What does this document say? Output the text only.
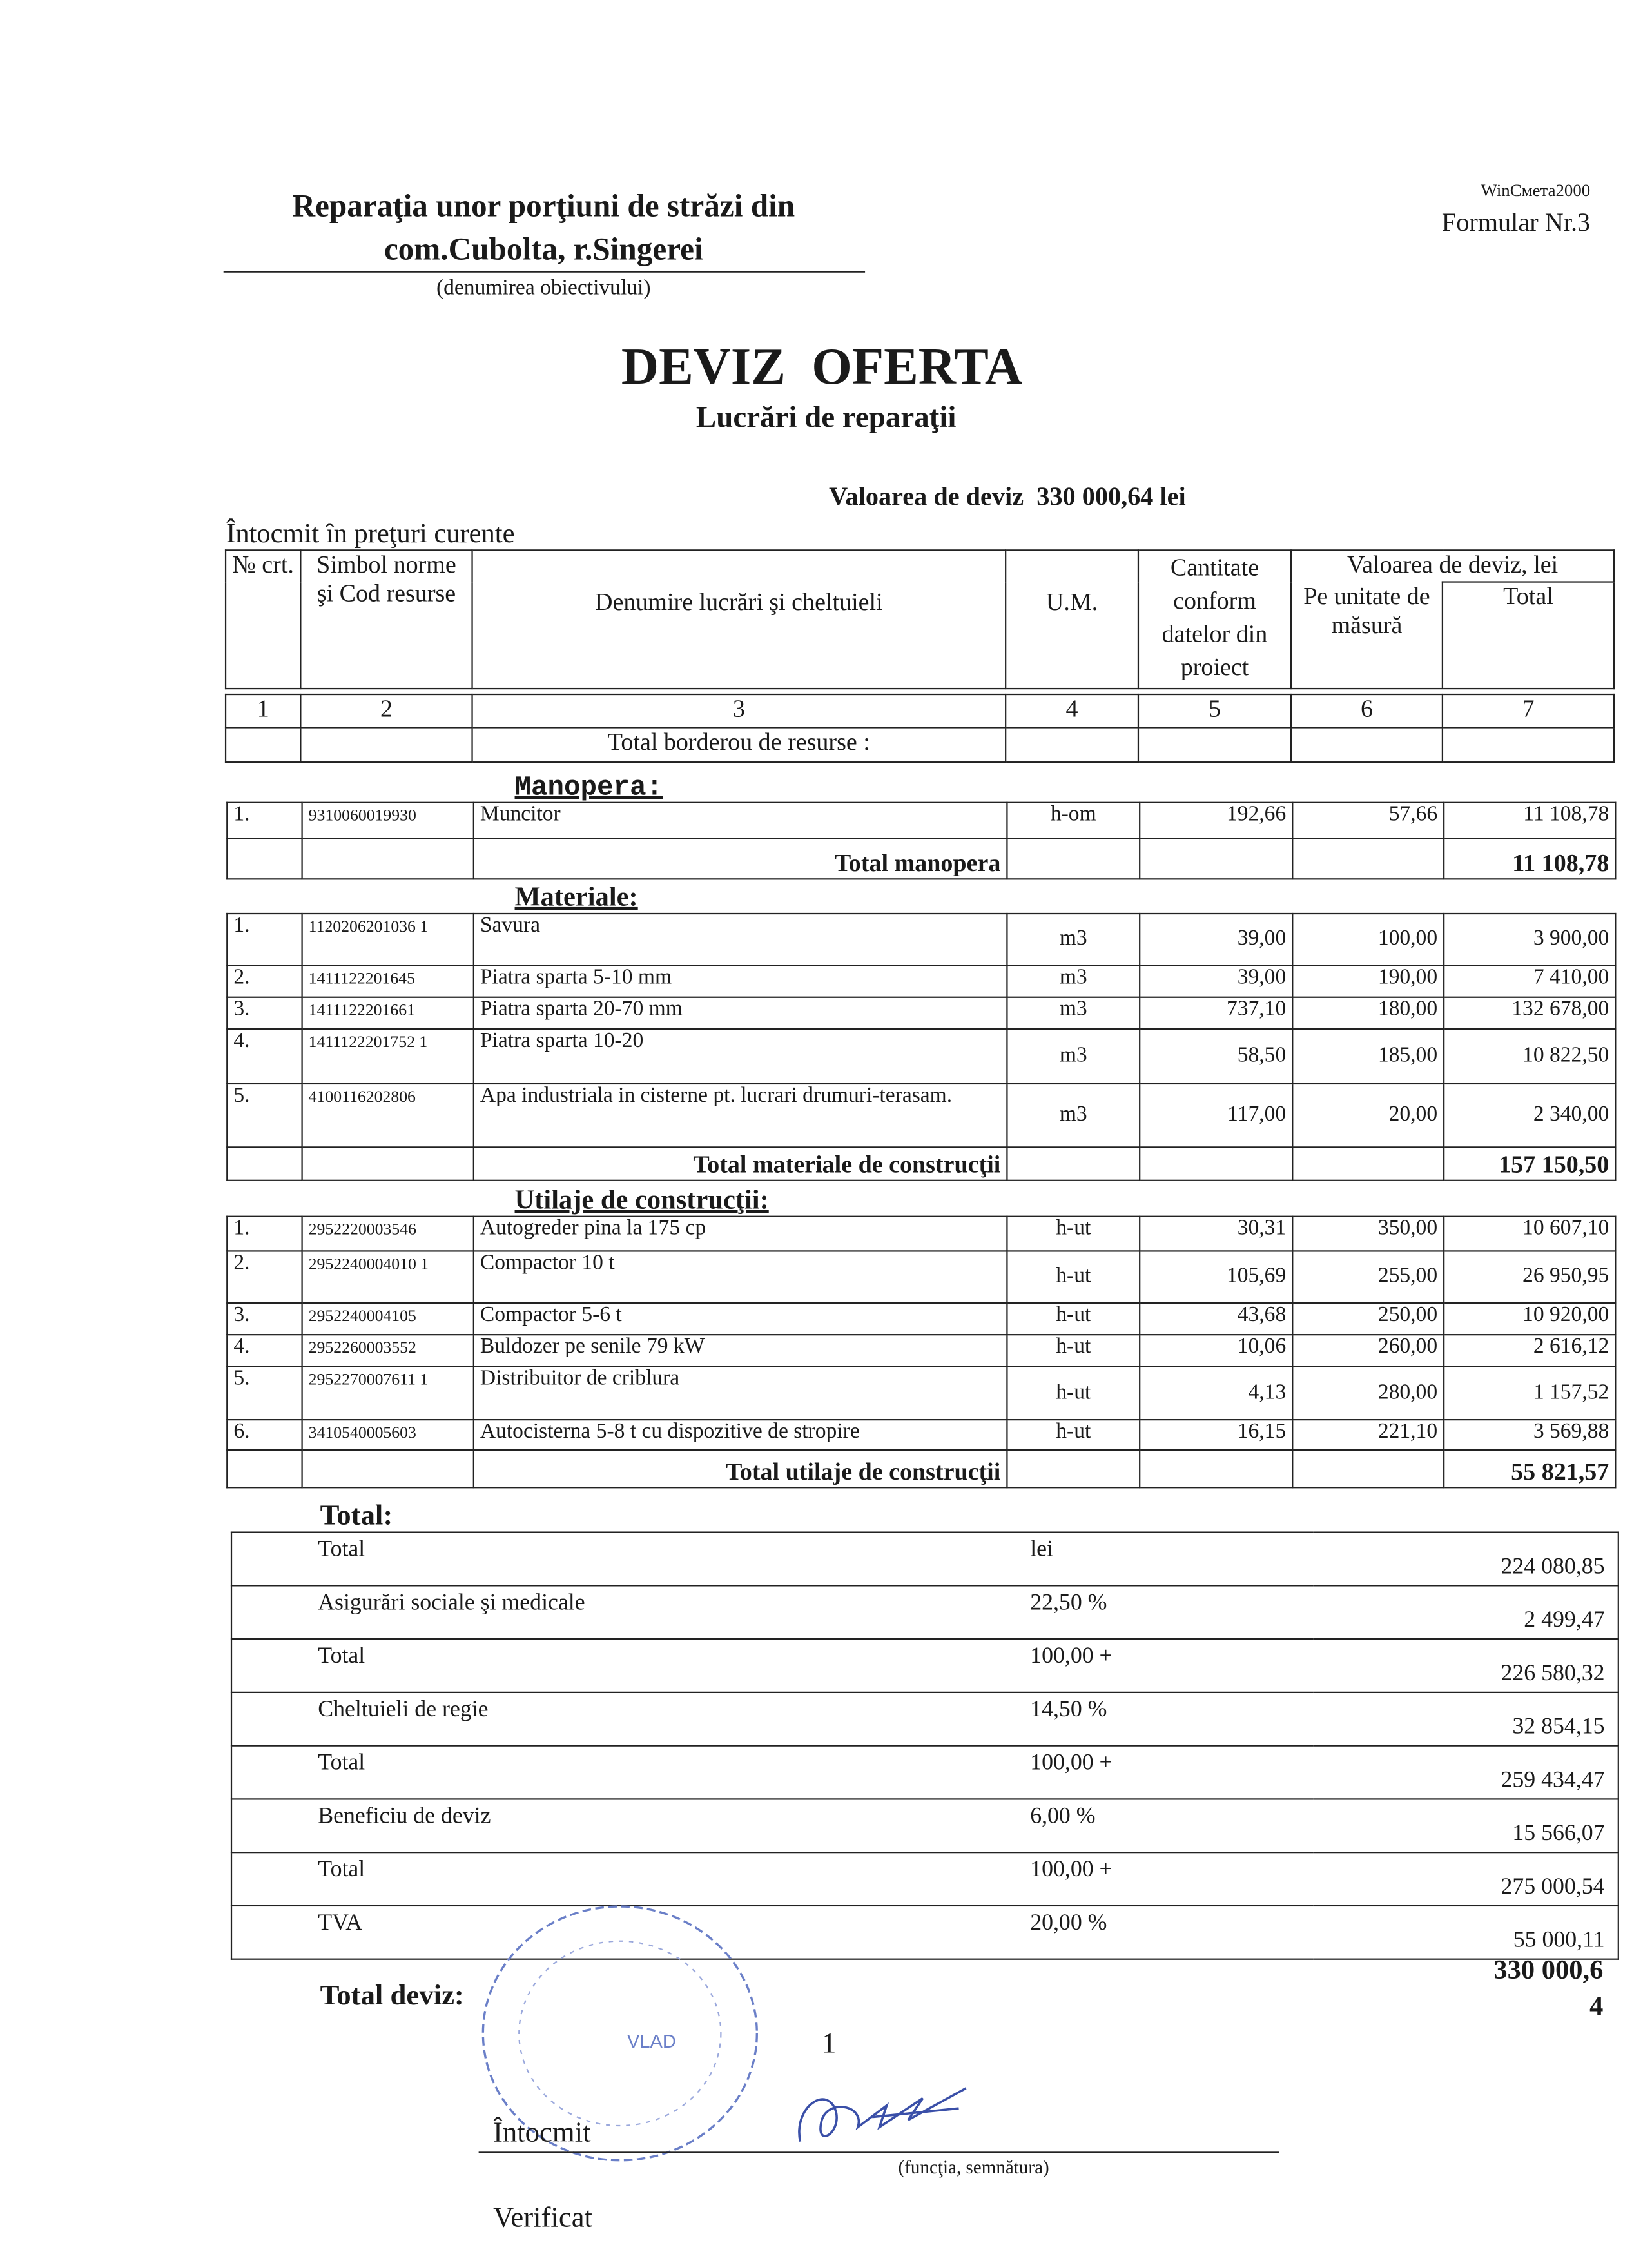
Reparaţia unor porţiuni de străzi din
com.Cubolta, r.Singerei
(denumirea obiectivului)
WinСмета2000
Formular Nr.3
DEVIZ  OFERTA
Lucrări de reparaţii
Valoarea de deviz  330 000,64 lei
Întocmit în preţuri curente
№ crt.	Simbol norme şi Cod resurse	Denumire lucrări şi cheltuieli	U.M.	Cantitate conform datelor din proiect	Valoarea de deviz, lei	
					Pe unitate de măsură	Total
1	2	3	4	5	6	7
		Total borderou de resurse :				
Manopera:
1.	9310060019930	Muncitor	h-om	192,66	57,66	11 108,78
		Total manopera				11 108,78
Materiale:
1.	1120206201036 1	Savura	m3	39,00	100,00	3 900,00
2.	1411122201645	Piatra sparta 5-10 mm	m3	39,00	190,00	7 410,00
3.	1411122201661	Piatra sparta 20-70 mm	m3	737,10	180,00	132 678,00
4.	1411122201752 1	Piatra sparta 10-20	m3	58,50	185,00	10 822,50
5.	4100116202806	Apa industriala in cisterne pt. lucrari drumuri-terasam.	m3	117,00	20,00	2 340,00
		Total materiale de construcţii				157 150,50
Utilaje de construcţii:
1.	2952220003546	Autogreder pina la 175 cp	h-ut	30,31	350,00	10 607,10
2.	2952240004010 1	Compactor 10 t	h-ut	105,69	255,00	26 950,95
3.	2952240004105	Compactor 5-6 t	h-ut	43,68	250,00	10 920,00
4.	2952260003552	Buldozer pe senile 79 kW	h-ut	10,06	260,00	2 616,12
5.	2952270007611 1	Distribuitor de criblura	h-ut	4,13	280,00	1 157,52
6.	3410540005603	Autocisterna 5-8 t cu dispozitive de stropire	h-ut	16,15	221,10	3 569,88
		Total utilaje de construcţii				55 821,57
Total:
	Total	lei	224 080,85
	Asigurări sociale şi medicale	22,50 %	2 499,47
	Total	100,00 +	226 580,32
	Cheltuieli de regie	14,50 %	32 854,15
	Total	100,00 +	259 434,47
	Beneficiu de deviz	6,00 %	15 566,07
	Total	100,00 +	275 000,54
	TVA	20,00 %	55 000,11
Total deviz:
330 000,6
4
VLAD	1
Întocmit
(funcţia, semnătura)
Verificat
